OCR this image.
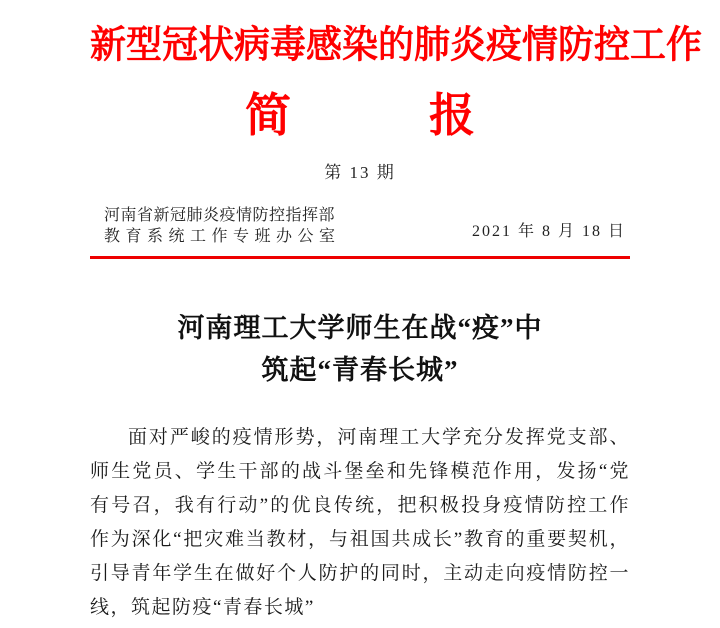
新型冠状病毒感染的肺炎疫情防控工作
简	报
第 13 期
河南省新冠肺炎疫情防控指挥部
教育系统工作专班办公室	2021 年 8 月 18 日
河南理工大学师生在战“疫”中
筑起“青春长城”
面对严峻的疫情形势，河南理工大学充分发挥党支部、师生党员、学生干部的战斗堡垒和先锋模范作用，发扬“党有号召，我有行动”的优良传统，把积极投身疫情防控工作作为深化“把灾难当教材，与祖国共成长”教育的重要契机，引导青年学生在做好个人防护的同时，主动走向疫情防控一线，筑起防疫“青春长城”
